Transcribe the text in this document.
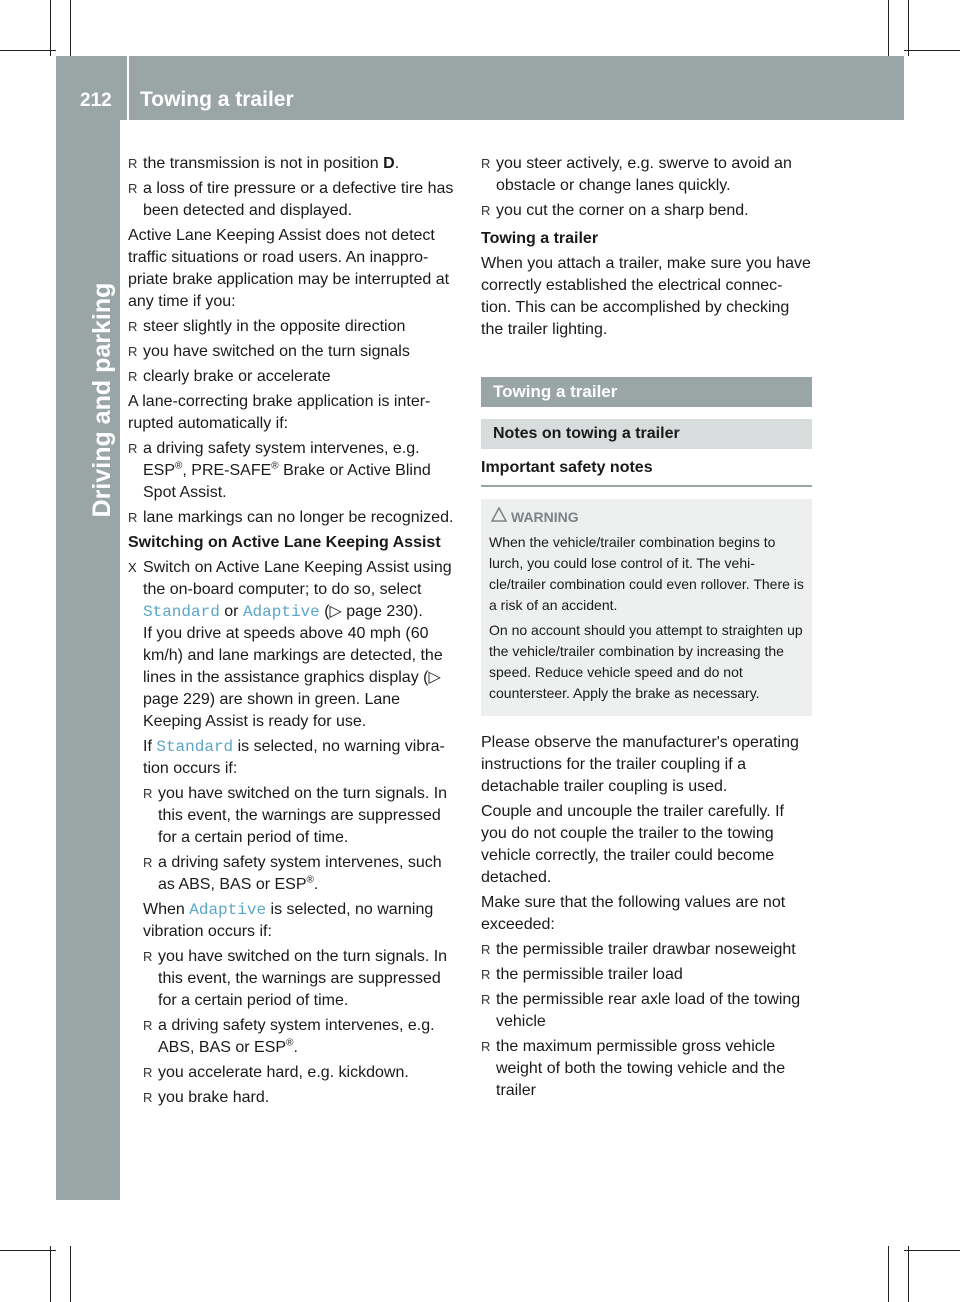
212 Towing a trailer
Driving and parking
R the transmission is not in position D.
R a loss of tire pressure or a defective tire has been detected and displayed.

Active Lane Keeping Assist does not detect traffic situations or road users. An inappro-priate brake application may be interrupted at any time if you:

R steer slightly in the opposite direction
R you have switched on the turn signals
R clearly brake or accelerate

A lane-correcting brake application is inter-rupted automatically if:

R a driving safety system intervenes, e.g. ESP®, PRE-SAFE® Brake or Active Blind Spot Assist.
R lane markings can no longer be recognized.

Switching on Active Lane Keeping Assist

X Switch on Active Lane Keeping Assist using the on-board computer; to do so, select Standard or Adaptive (▷ page 230).

If you drive at speeds above 40 mph (60 km/h) and lane markings are detected, the lines in the assistance graphics display (▷ page 229) are shown in green. Lane Keeping Assist is ready for use.

If Standard is selected, no warning vibra-tion occurs if:

R you have switched on the turn signals. In this event, the warnings are suppressed for a certain period of time.
R a driving safety system intervenes, such as ABS, BAS or ESP®.

When Adaptive is selected, no warning vibration occurs if:

R you have switched on the turn signals. In this event, the warnings are suppressed for a certain period of time.
R a driving safety system intervenes, e.g. ABS, BAS or ESP®.
R you accelerate hard, e.g. kickdown.
R you brake hard.
R you steer actively, e.g. swerve to avoid an obstacle or change lanes quickly.
R you cut the corner on a sharp bend.

Towing a trailer

When you attach a trailer, make sure you have correctly established the electrical connec-tion. This can be accomplished by checking the trailer lighting.

Towing a trailer
Notes on towing a trailer
Important safety notes
WARNING

When the vehicle/trailer combination begins to lurch, you could lose control of it. The vehi-cle/trailer combination could even rollover. There is a risk of an accident.

On no account should you attempt to straighten up the vehicle/trailer combination by increasing the speed. Reduce vehicle speed and do not countersteer. Apply the brake as necessary.

Please observe the manufacturer's operating instructions for the trailer coupling if a detachable trailer coupling is used.

Couple and uncouple the trailer carefully. If you do not couple the trailer to the towing vehicle correctly, the trailer could become detached.

Make sure that the following values are not exceeded:

R the permissible trailer drawbar noseweight
R the permissible trailer load
R the permissible rear axle load of the towing vehicle
R the maximum permissible gross vehicle weight of both the towing vehicle and the trailer
